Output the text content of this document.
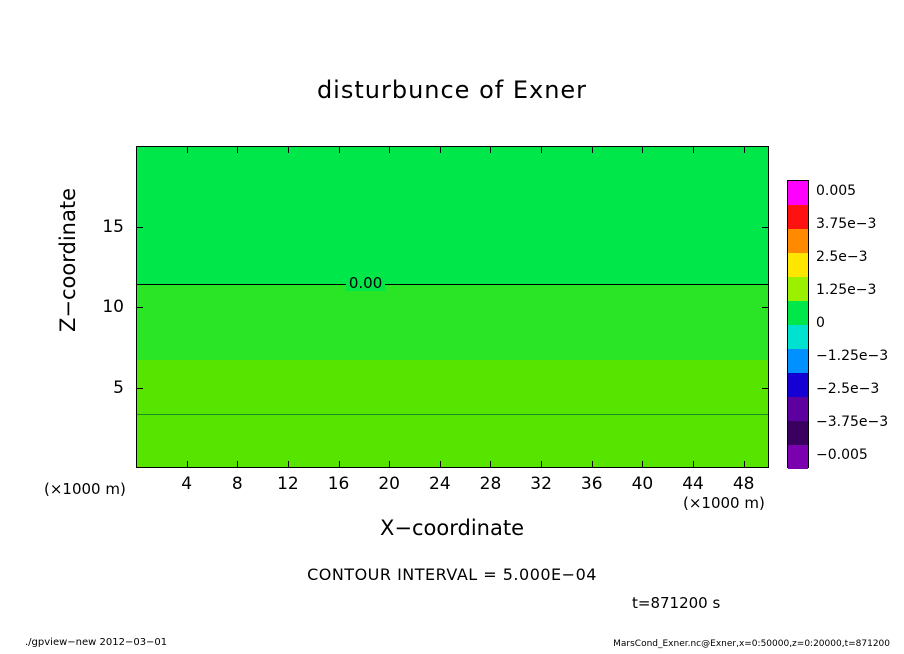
disturbunce of Exner
0.00
4	8	12	16	20	24	28	32	36	40	44	48
5
10
15
X−coordinate
Z−coordinate
(×1000 m)
(×1000 m)
CONTOUR INTERVAL = 5.000E−04
t=871200 s
./gpview−new 2012−03−01	MarsCond_Exner.nc@Exner,x=0:50000,z=0:20000,t=871200
0.005
3.75e−3
2.5e−3
1.25e−3
0
−1.25e−3
−2.5e−3
−3.75e−3
−0.005
